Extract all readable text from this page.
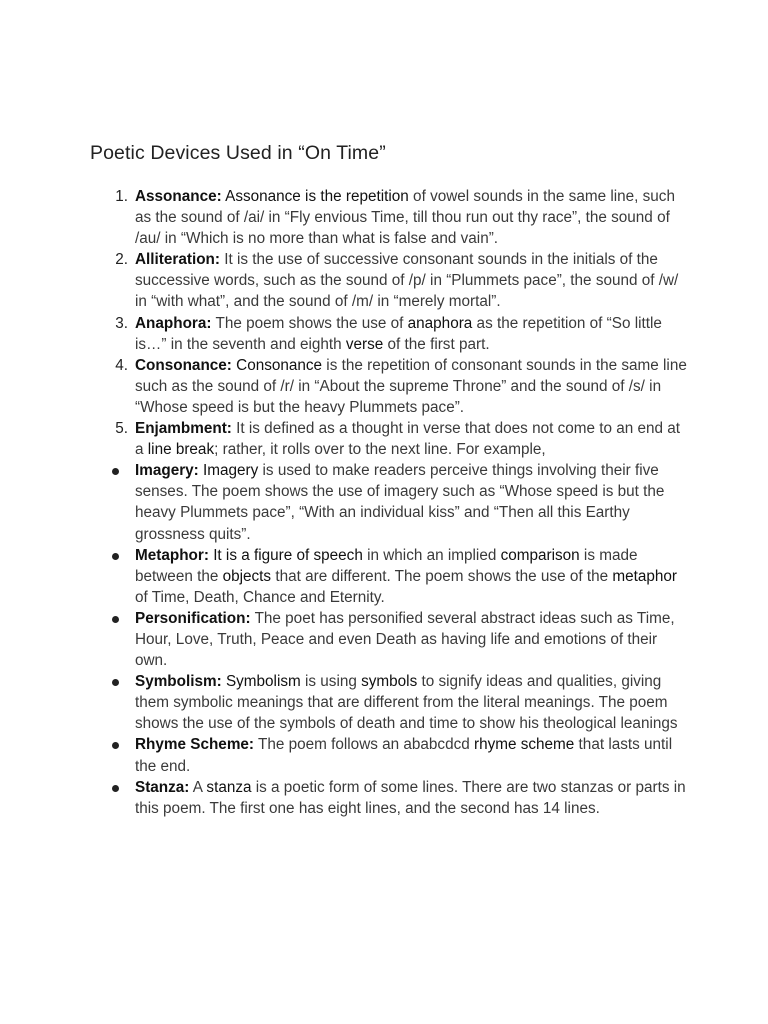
Poetic Devices Used in “On Time”
1. Assonance: Assonance is the repetition of vowel sounds in the same line, such as the sound of /ai/ in “Fly envious Time, till thou run out thy race”, the sound of /au/ in “Which is no more than what is false and vain”.
2. Alliteration: It is the use of successive consonant sounds in the initials of the successive words, such as the sound of /p/ in “Plummets pace”, the sound of /w/ in “with what”, and the sound of /m/ in “merely mortal”.
3. Anaphora: The poem shows the use of anaphora as the repetition of “So little is…” in the seventh and eighth verse of the first part.
4. Consonance: Consonance is the repetition of consonant sounds in the same line such as the sound of /r/ in “About the supreme Throne” and the sound of /s/ in “Whose speed is but the heavy Plummets pace”.
5. Enjambment: It is defined as a thought in verse that does not come to an end at a line break; rather, it rolls over to the next line. For example,
Imagery: Imagery is used to make readers perceive things involving their five senses. The poem shows the use of imagery such as “Whose speed is but the heavy Plummets pace”, “With an individual kiss” and “Then all this Earthy grossness quits”.
Metaphor: It is a figure of speech in which an implied comparison is made between the objects that are different. The poem shows the use of the metaphor of Time, Death, Chance and Eternity.
Personification: The poet has personified several abstract ideas such as Time, Hour, Love, Truth, Peace and even Death as having life and emotions of their own.
Symbolism: Symbolism is using symbols to signify ideas and qualities, giving them symbolic meanings that are different from the literal meanings. The poem shows the use of the symbols of death and time to show his theological leanings
Rhyme Scheme: The poem follows an ababcdcd rhyme scheme that lasts until the end.
Stanza: A stanza is a poetic form of some lines. There are two stanzas or parts in this poem. The first one has eight lines, and the second has 14 lines.
